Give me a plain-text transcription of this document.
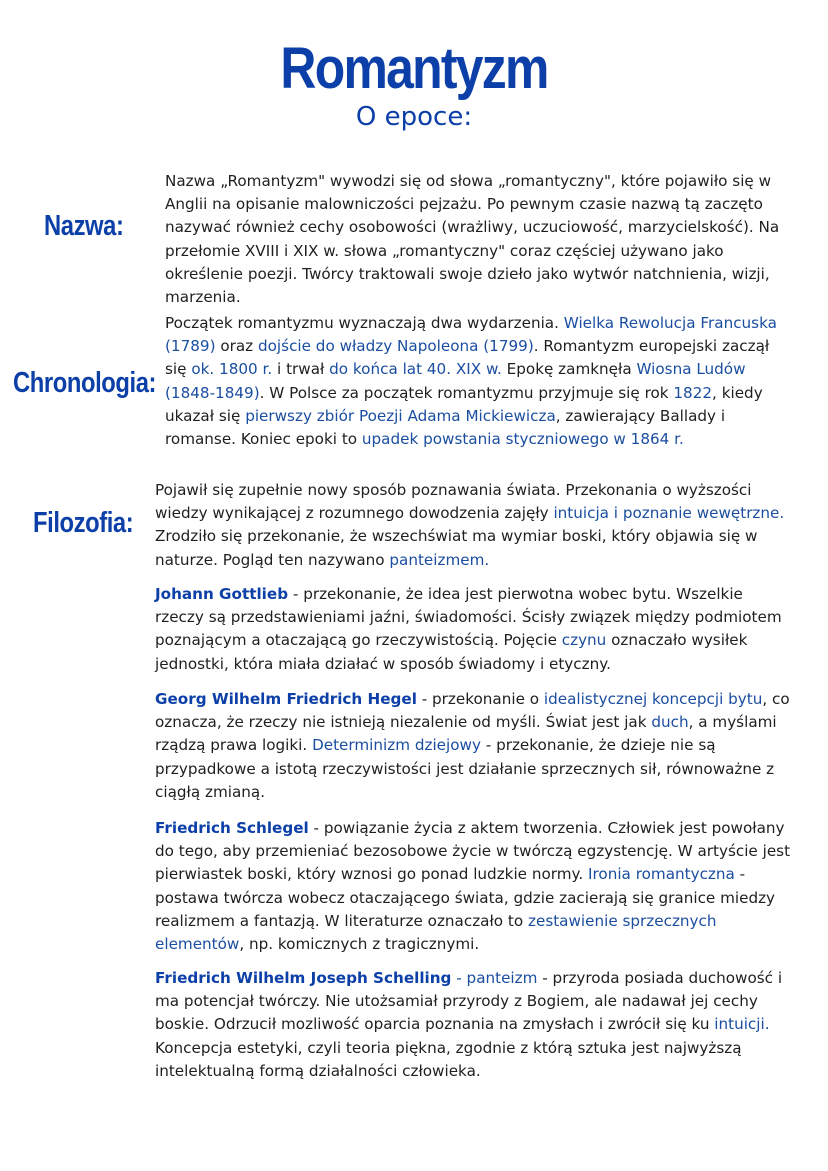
Romantyzm
O epoce:
Nazwa:
Nazwa „Romantyzm" wywodzi się od słowa „romantyczny", które pojawiło się w Anglii na opisanie malowniczości pejzażu. Po pewnym czasie nazwą tą zaczęto nazywać również cechy osobowości (wrażliwy, uczuciowość, marzycielskość). Na przełomie XVIII i XIX w. słowa „romantyczny" coraz częściej używano jako określenie poezji. Twórcy traktowali swoje dzieło jako wytwór natchnienia, wizji, marzenia.
Chronologia:
Początek romantyzmu wyznaczają dwa wydarzenia. Wielka Rewolucja Francuska (1789) oraz dojście do władzy Napoleona (1799). Romantyzm europejski zaczął się ok. 1800 r. i trwał do końca lat 40. XIX w. Epokę zamknęła Wiosna Ludów (1848-1849). W Polsce za początek romantyzmu przyjmuje się rok 1822, kiedy ukazał się pierwszy zbiór Poezji Adama Mickiewicza, zawierający Ballady i romanse. Koniec epoki to upadek powstania styczniowego w 1864 r.
Filozofia:
Pojawił się zupełnie nowy sposób poznawania świata. Przekonania o wyższości wiedzy wynikającej z rozumnego dowodzenia zajęły intuicja i poznanie wewętrzne. Zrodziło się przekonanie, że wszechświat ma wymiar boski, który objawia się w naturze. Pogląd ten nazywano panteizmem.
Johann Gottlieb - przekonanie, że idea jest pierwotna wobec bytu. Wszelkie rzeczy są przedstawieniami jaźni, świadomości. Ścisły związek między podmiotem poznającym a otaczającą go rzeczywistością. Pojęcie czynu oznaczało wysiłek jednostki, która miała działać w sposób świadomy i etyczny.
Georg Wilhelm Friedrich Hegel - przekonanie o idealistycznej koncepcji bytu, co oznacza, że rzeczy nie istnieją niezalenie od myśli. Świat jest jak duch, a myślami rządzą prawa logiki. Determinizm dziejowy - przekonanie, że dzieje nie są przypadkowe a istotą rzeczywistości jest działanie sprzecznych sił, równoważne z ciągłą zmianą.
Friedrich Schlegel - powiązanie życia z aktem tworzenia. Człowiek jest powołany do tego, aby przemieniać bezosobowe życie w twórczą egzystencję. W artyście jest pierwiastek boski, który wznosi go ponad ludzkie normy. Ironia romantyczna - postawa twórcza wobecz otaczającego świata, gdzie zacierają się granice miedzy realizmem a fantazją. W literaturze oznaczało to zestawienie sprzecznych elementów, np. komicznych z tragicznymi.
Friedrich Wilhelm Joseph Schelling - panteizm - przyroda posiada duchowość i ma potencjał twórczy. Nie utożsamiał przyrody z Bogiem, ale nadawał jej cechy boskie. Odrzucił mozliwość oparcia poznania na zmysłach i zwrócił się ku intuicji. Koncepcja estetyki, czyli teoria piękna, zgodnie z którą sztuka jest najwyższą intelektualną formą działalności człowieka.
